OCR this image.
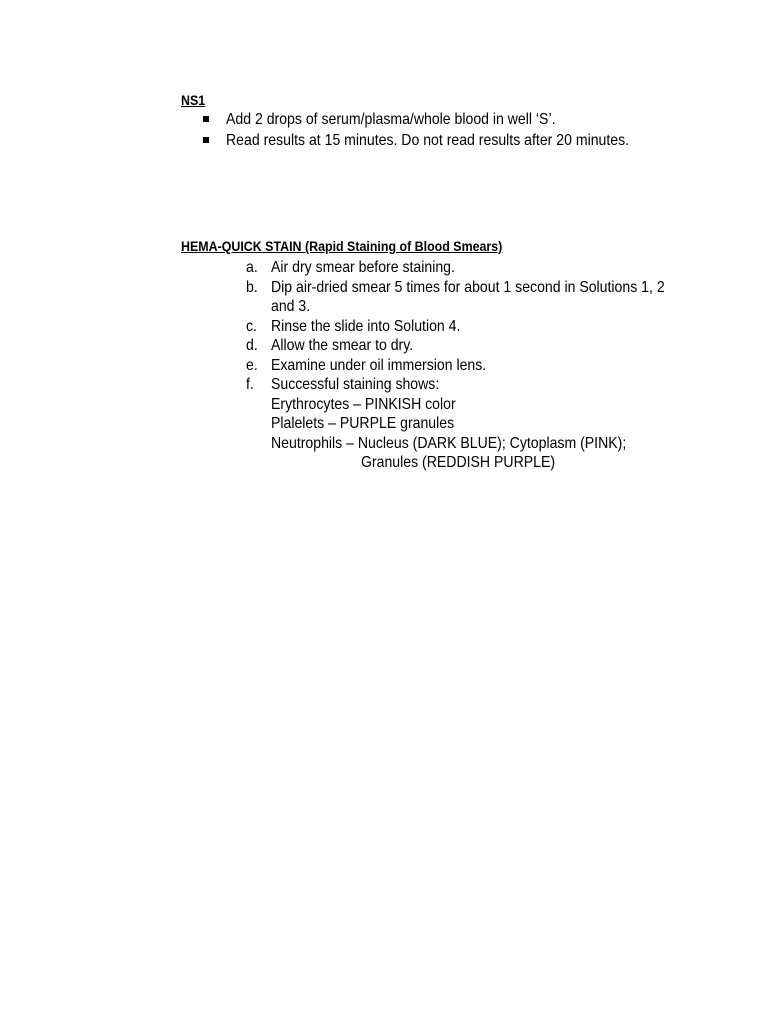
NS1
Add 2 drops of serum/plasma/whole blood in well ‘S’.
Read results at 15 minutes. Do not read results after 20 minutes.
HEMA-QUICK STAIN (Rapid Staining of Blood Smears)
a. Air dry smear before staining.
b. Dip air-dried smear 5 times for about 1 second in Solutions 1, 2
and 3.
c. Rinse the slide into Solution 4.
d. Allow the smear to dry.
e. Examine under oil immersion lens.
f. Successful staining shows:
Erythrocytes – PINKISH color
Plalelets – PURPLE granules
Neutrophils – Nucleus (DARK BLUE); Cytoplasm (PINK);
Granules (REDDISH PURPLE)
